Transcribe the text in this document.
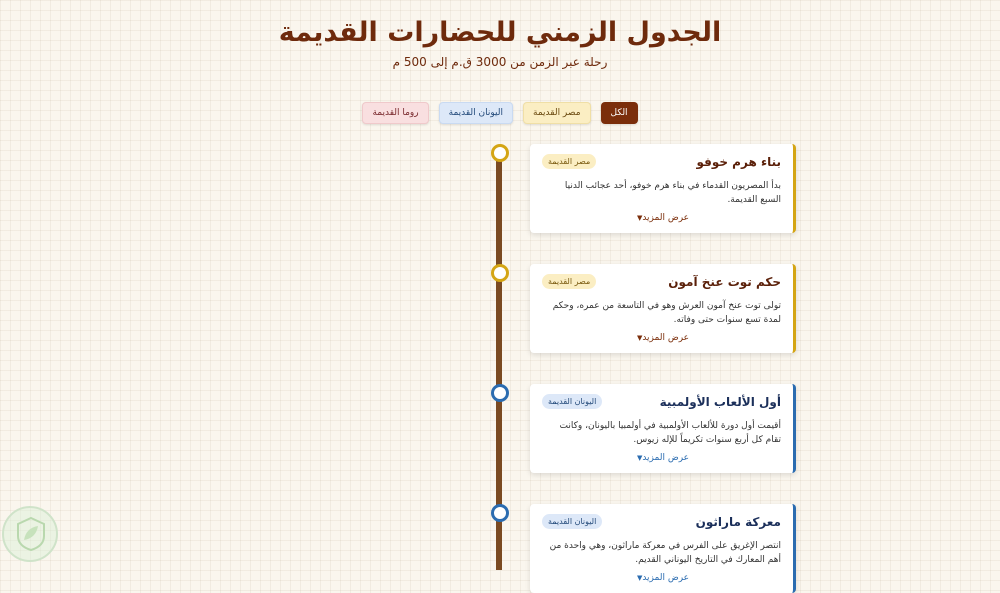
الجدول الزمني للحضارات القديمة
رحلة عبر الزمن من 3000 ق.م إلى 500 م
الكل
مصر القديمة
اليونان القديمة
روما القديمة
بناء هرم خوفو
مصر القديمة
بدأ المصريون القدماء في بناء هرم خوفو، أحد عجائب الدنيا السبع القديمة.
عرض المزيد▼
حكم توت عنخ آمون
مصر القديمة
تولى توت عنخ آمون العرش وهو في التاسعة من عمره، وحكم لمدة تسع سنوات حتى وفاته.
عرض المزيد▼
أول الألعاب الأولمبية
اليونان القديمة
أقيمت أول دورة للألعاب الأولمبية في أولمبيا باليونان، وكانت تقام كل أربع سنوات تكريماً للإله زيوس.
عرض المزيد▼
معركة ماراثون
اليونان القديمة
انتصر الإغريق على الفرس في معركة ماراثون، وهي واحدة من أهم المعارك في التاريخ اليوناني القديم.
عرض المزيد▼
